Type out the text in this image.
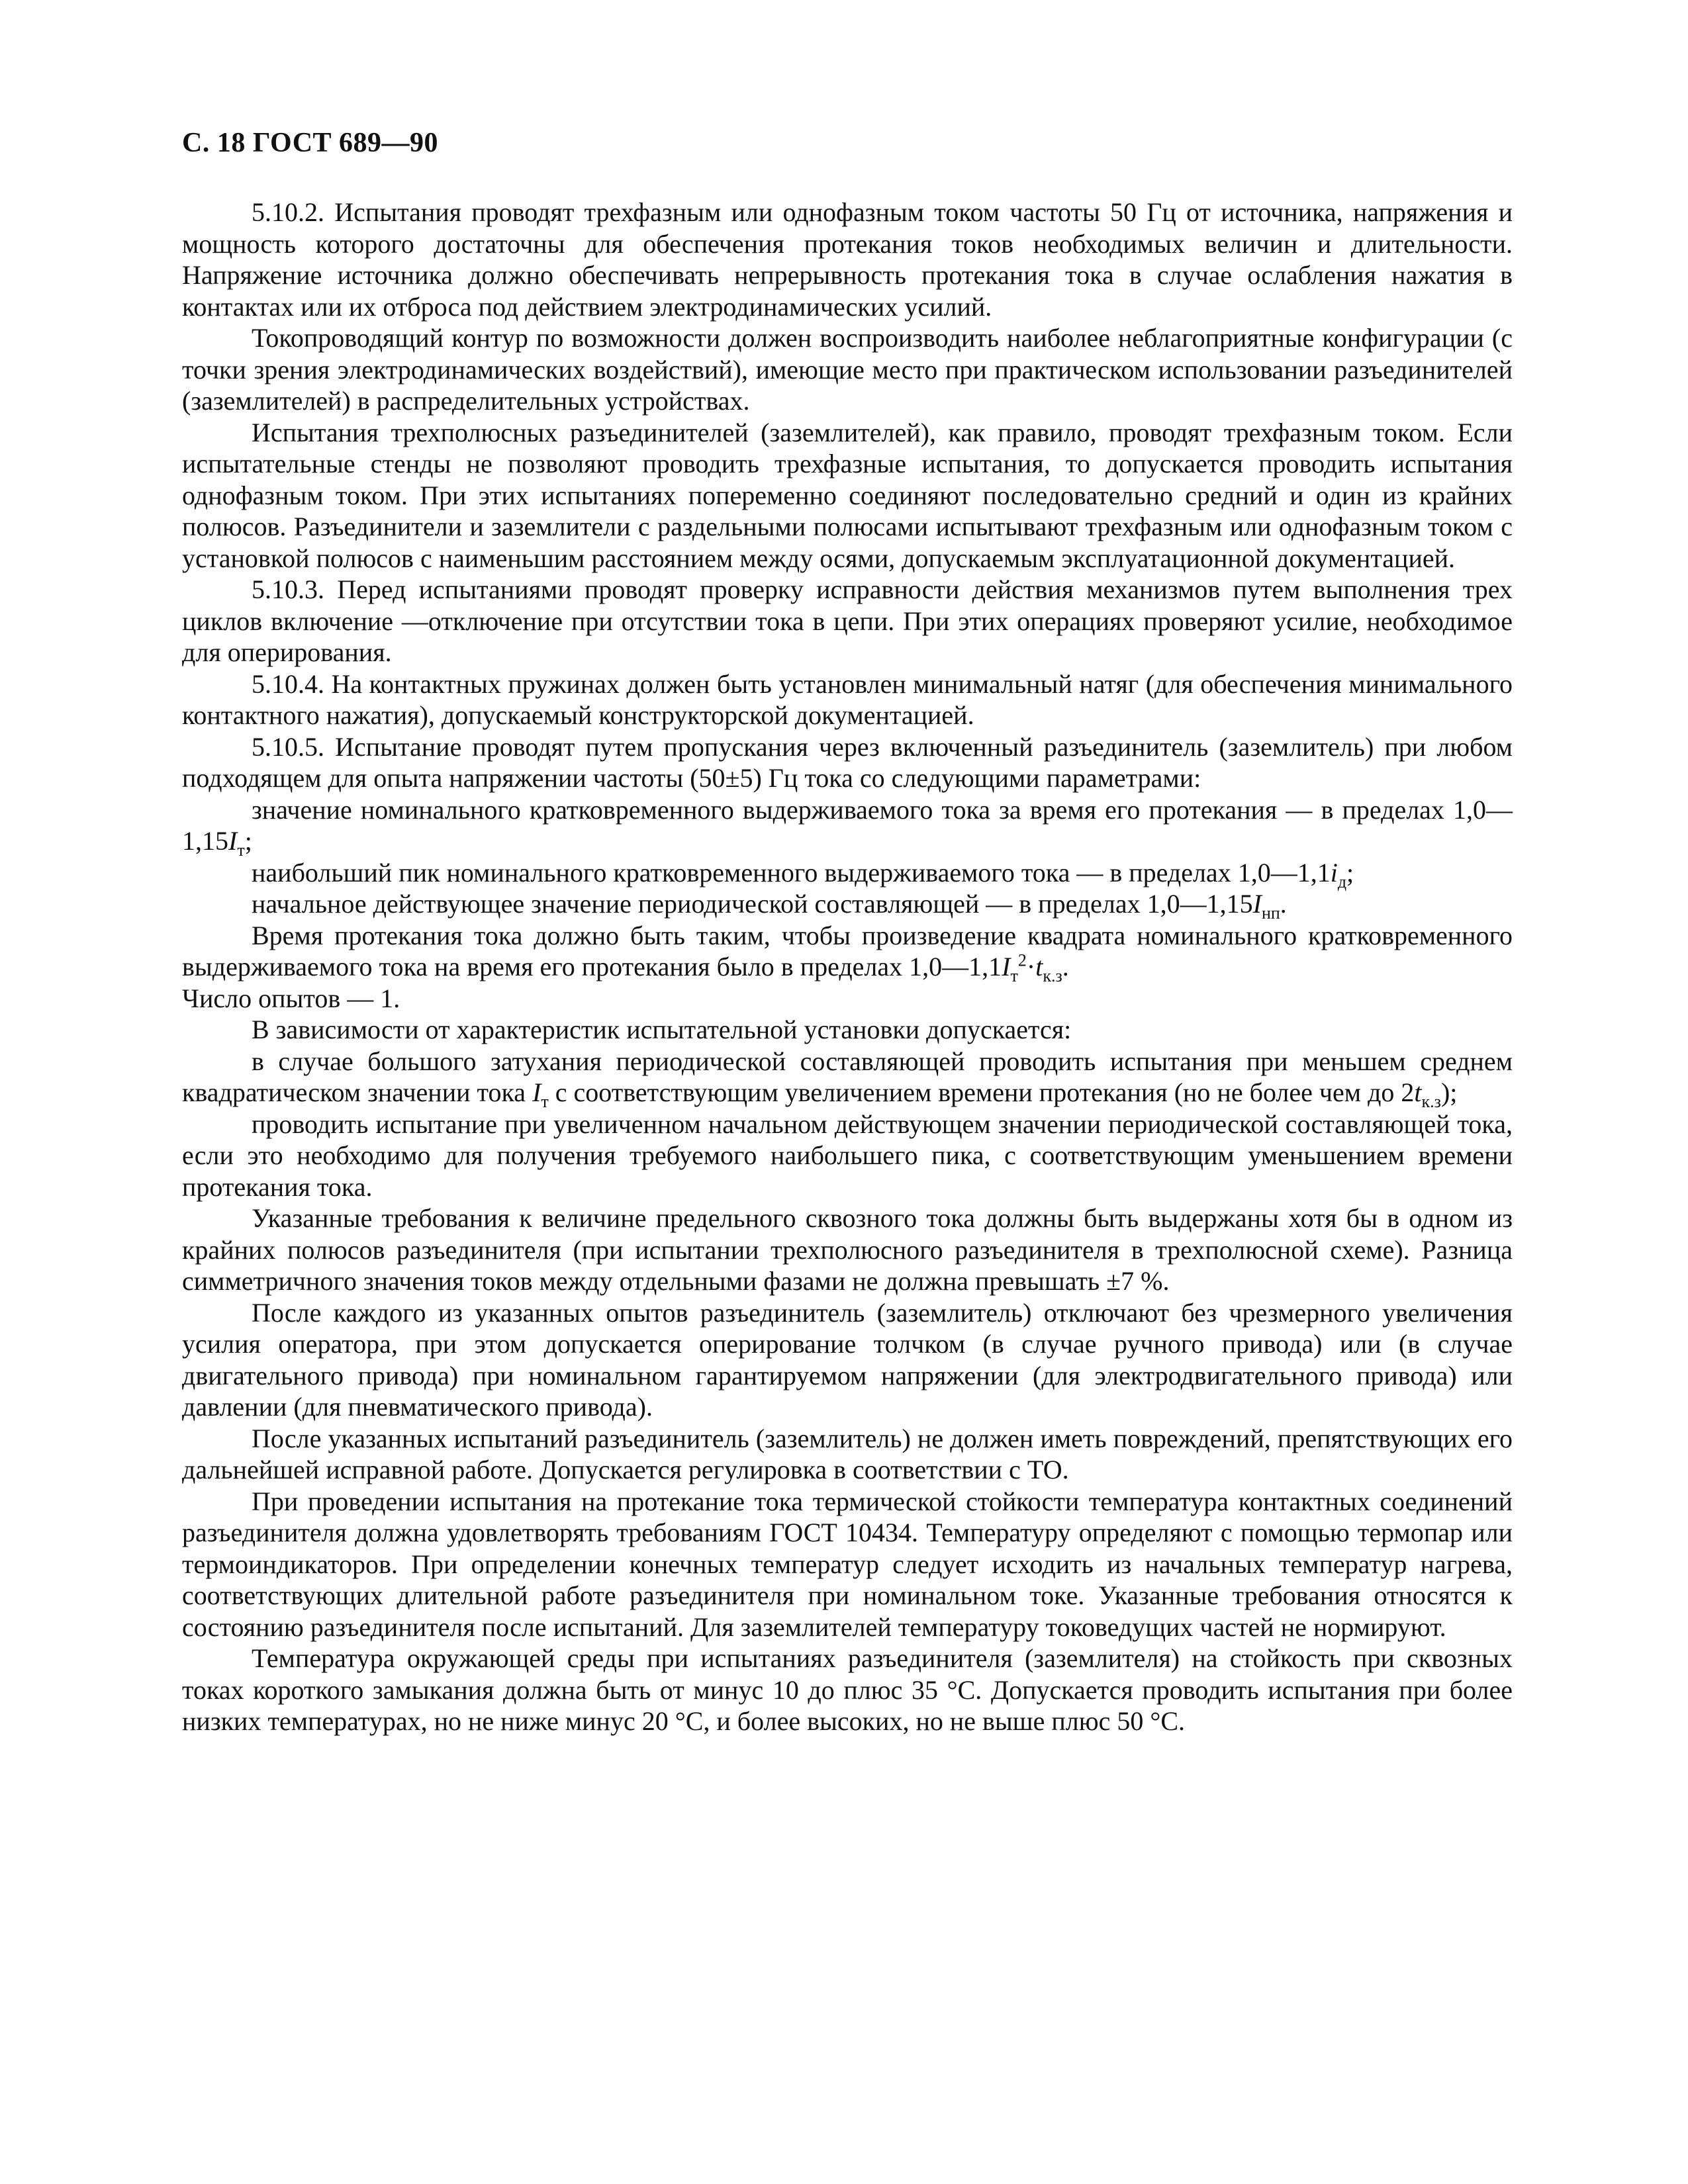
С. 18 ГОСТ 689—90

5.10.2. Испытания проводят трехфазным или однофазным током частоты 50 Гц от источника, напряжения и мощность которого достаточны для обеспечения протекания токов необходимых величин и длительности. Напряжение источника должно обеспечивать непрерывность протекания тока в случае ослабления нажатия в контактах или их отброса под действием электродинамических усилий.

Токопроводящий контур по возможности должен воспроизводить наиболее неблагоприятные конфигурации (с точки зрения электродинамических воздействий), имеющие место при практическом использовании разъединителей (заземлителей) в распределительных устройствах.

Испытания трехполюсных разъединителей (заземлителей), как правило, проводят трехфазным током. Если испытательные стенды не позволяют проводить трехфазные испытания, то допускается проводить испытания однофазным током. При этих испытаниях попеременно соединяют последовательно средний и один из крайних полюсов. Разъединители и заземлители с раздельными полюсами испытывают трехфазным или однофазным током с установкой полюсов с наименьшим расстоянием между осями, допускаемым эксплуатационной документацией.

5.10.3. Перед испытаниями проводят проверку исправности действия механизмов путем выполнения трех циклов включение —отключение при отсутствии тока в цепи. При этих операциях проверяют усилие, необходимое для оперирования.

5.10.4. На контактных пружинах должен быть установлен минимальный натяг (для обеспечения минимального контактного нажатия), допускаемый конструкторской документацией.

5.10.5. Испытание проводят путем пропускания через включенный разъединитель (заземлитель) при любом подходящем для опыта напряжении частоты (50±5) Гц тока со следующими параметрами:

значение номинального кратковременного выдерживаемого тока за время его протекания — в пределах $1,0—1,15I_т$;

наибольший пик номинального кратковременного выдерживаемого тока — в пределах $1,0—1,1i_д$;

начальное действующее значение периодической составляющей — в пределах $1,0—1,15I_{нп}$.

Время протекания тока должно быть таким, чтобы произведение квадрата номинального кратковременного выдерживаемого тока на время его протекания было в пределах $1,0—1,1I_т^2\cdot t_{к.з}$.
Число опытов — 1.

В зависимости от характеристик испытательной установки допускается:

в случае большого затухания периодической составляющей проводить испытания при меньшем среднем квадратическом значении тока $I_т$ с соответствующим увеличением времени протекания (но не более чем до $2t_{к.з}$);

проводить испытание при увеличенном начальном действующем значении периодической составляющей тока, если это необходимо для получения требуемого наибольшего пика, с соответствующим уменьшением времени протекания тока.

Указанные требования к величине предельного сквозного тока должны быть выдержаны хотя бы в одном из крайних полюсов разъединителя (при испытании трехполюсного разъединителя в трехполюсной схеме). Разница симметричного значения токов между отдельными фазами не должна превышать ±7 %.

После каждого из указанных опытов разъединитель (заземлитель) отключают без чрезмерного увеличения усилия оператора, при этом допускается оперирование толчком (в случае ручного привода) или (в случае двигательного привода) при номинальном гарантируемом напряжении (для электродвигательного привода) или давлении (для пневматического привода).

После указанных испытаний разъединитель (заземлитель) не должен иметь повреждений, препятствующих его дальнейшей исправной работе. Допускается регулировка в соответствии с ТО.

При проведении испытания на протекание тока термической стойкости температура контактных соединений разъединителя должна удовлетворять требованиям ГОСТ 10434. Температуру определяют с помощью термопар или термоиндикаторов. При определении конечных температур следует исходить из начальных температур нагрева, соответствующих длительной работе разъединителя при номинальном токе. Указанные требования относятся к состоянию разъединителя после испытаний. Для заземлителей температуру токоведущих частей не нормируют.

Температура окружающей среды при испытаниях разъединителя (заземлителя) на стойкость при сквозных токах короткого замыкания должна быть от минус 10 до плюс 35 °С. Допускается проводить испытания при более низких температурах, но не ниже минус 20 °С, и более высоких, но не выше плюс 50 °С.
